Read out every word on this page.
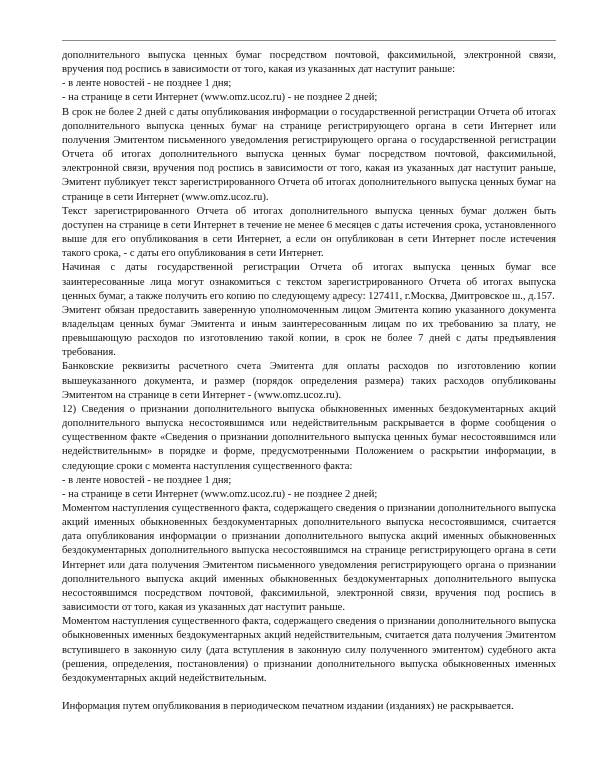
дополнительного выпуска ценных бумаг посредством почтовой, факсимильной, электронной связи, вручения под роспись в зависимости от того, какая из указанных дат наступит раньше:

- в ленте новостей - не позднее 1 дня;

- на странице в сети Интернет (www.omz.ucoz.ru) - не позднее 2 дней;

В срок не более 2 дней с даты опубликования информации о государственной регистрации Отчета об итогах дополнительного выпуска ценных бумаг на странице регистрирующего органа в сети Интернет или получения Эмитентом письменного уведомления регистрирующего органа о государственной регистрации Отчета об итогах дополнительного выпуска ценных бумаг посредством почтовой, факсимильной, электронной связи, вручения под роспись в зависимости от того, какая из указанных дат наступит раньше, Эмитент публикует текст зарегистрированного Отчета об итогах дополнительного выпуска ценных бумаг на странице в сети Интернет (www.omz.ucoz.ru).

Текст зарегистрированного Отчета об итогах дополнительного выпуска ценных бумаг должен быть доступен на странице в сети Интернет в течение не менее 6 месяцев с даты истечения срока, установленного выше для его опубликования в сети Интернет, а если он опубликован в сети Интернет после истечения такого срока, - с даты его опубликования в сети Интернет.

Начиная с даты государственной регистрации Отчета об итогах выпуска ценных бумаг все заинтересованные лица могут ознакомиться с текстом зарегистрированного Отчета об итогах выпуска ценных бумаг, а также получить его копию по следующему адресу: 127411, г.Москва, Дмитровское ш., д.157.

Эмитент обязан предоставить заверенную уполномоченным лицом Эмитента копию указанного документа владельцам ценных бумаг Эмитента и иным заинтересованным лицам по их требованию за плату, не превышающую расходов по изготовлению такой копии, в срок не более 7 дней с даты предъявления требования.

Банковские реквизиты расчетного счета Эмитента для оплаты расходов по изготовлению копии вышеуказанного документа, и размер (порядок определения размера) таких расходов опубликованы Эмитентом на странице в сети Интернет - (www.omz.ucoz.ru).

12) Сведения о признании дополнительного выпуска обыкновенных именных бездокументарных акций дополнительного выпуска несостоявшимся или недействительным раскрывается в форме сообщения о существенном факте «Сведения о признании дополнительного выпуска ценных бумаг несостоявшимся или недействительным» в порядке и форме, предусмотренными Положением о раскрытии информации, в следующие сроки с момента наступления существенного факта:

- в ленте новостей - не позднее 1 дня;

- на странице в сети Интернет (www.omz.ucoz.ru) - не позднее 2 дней;

Моментом наступления существенного факта, содержащего сведения о признании дополнительного выпуска акций именных обыкновенных бездокументарных дополнительного выпуска несостоявшимся, считается дата опубликования информации о признании дополнительного выпуска акций именных обыкновенных бездокументарных дополнительного выпуска несостоявшимся на странице регистрирующего органа в сети Интернет или дата получения Эмитентом письменного уведомления регистрирующего органа о признании дополнительного выпуска акций именных обыкновенных бездокументарных дополнительного выпуска несостоявшимся посредством почтовой, факсимильной, электронной связи, вручения под роспись в зависимости от того, какая из указанных дат наступит раньше.

Моментом наступления существенного факта, содержащего сведения о признании дополнительного выпуска обыкновенных именных бездокументарных акций недействительным, считается дата получения Эмитентом вступившего в законную силу (дата вступления в законную силу полученного эмитентом) судебного акта (решения, определения, постановления) о признании дополнительного выпуска обыкновенных именных бездокументарных акций недействительным.

Информация путем опубликования в периодическом печатном издании (изданиях) не раскрывается.
